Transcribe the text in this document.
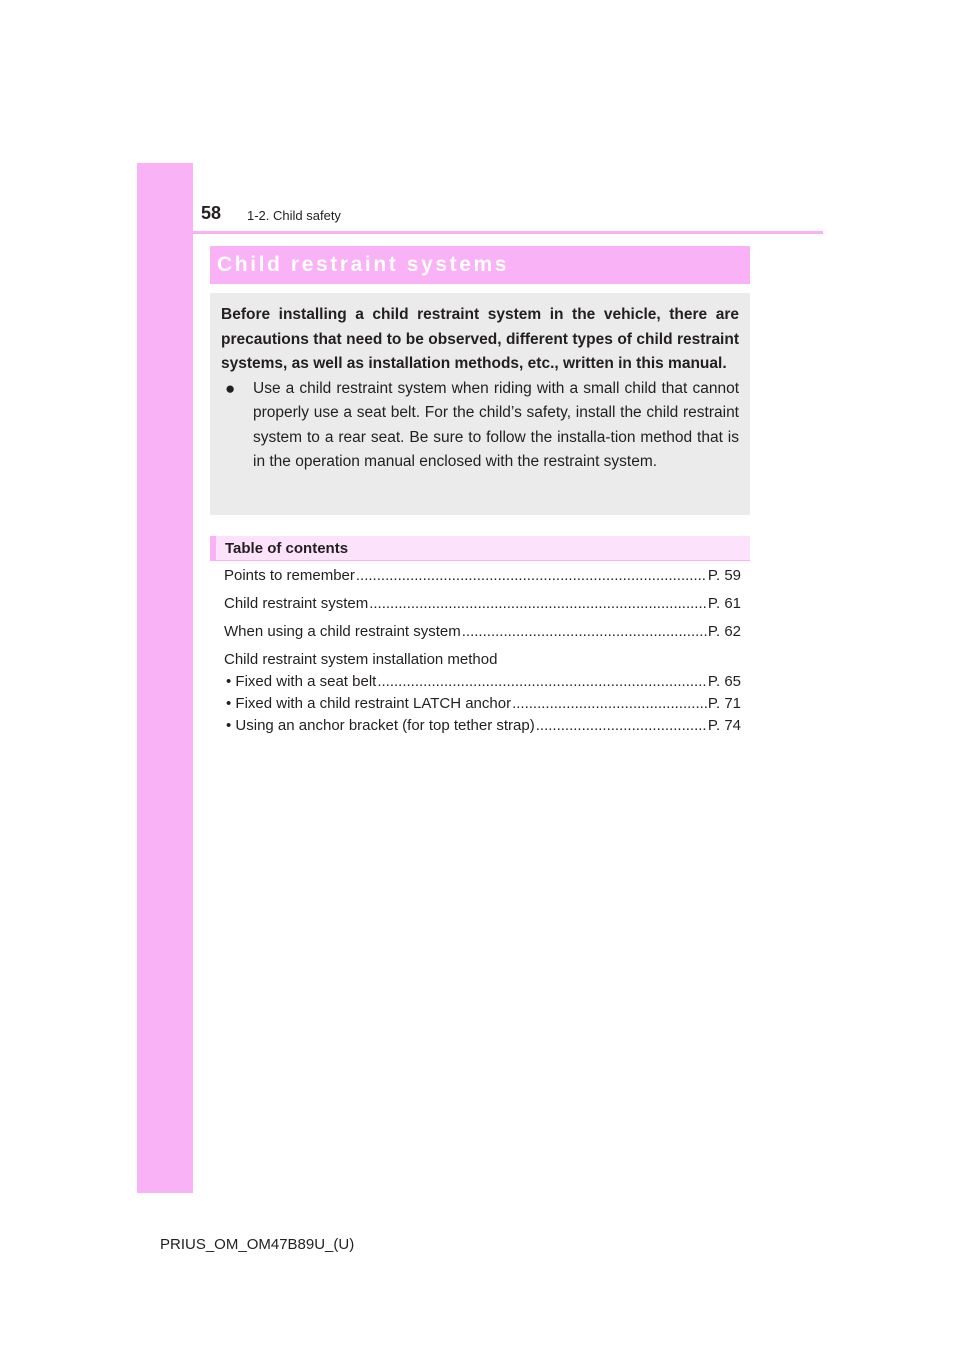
58 1-2. Child safety
Child restraint systems
Before installing a child restraint system in the vehicle, there are precautions that need to be observed, different types of child restraint systems, as well as installation methods, etc., written in this manual.
●	Use a child restraint system when riding with a small child that cannot properly use a seat belt. For the child’s safety, install the child restraint system to a rear seat. Be sure to follow the installa-tion method that is in the operation manual enclosed with the restraint system.
Table of contents
Points to remember .....	P. 59
Child restraint system .....	P. 61
When using a child restraint system .....	P. 62
Child restraint system installation method
• Fixed with a seat belt .....	P. 65
• Fixed with a child restraint LATCH anchor .....	P. 71
• Using an anchor bracket (for top tether strap) .....	P. 74
PRIUS_OM_OM47B89U_(U)
